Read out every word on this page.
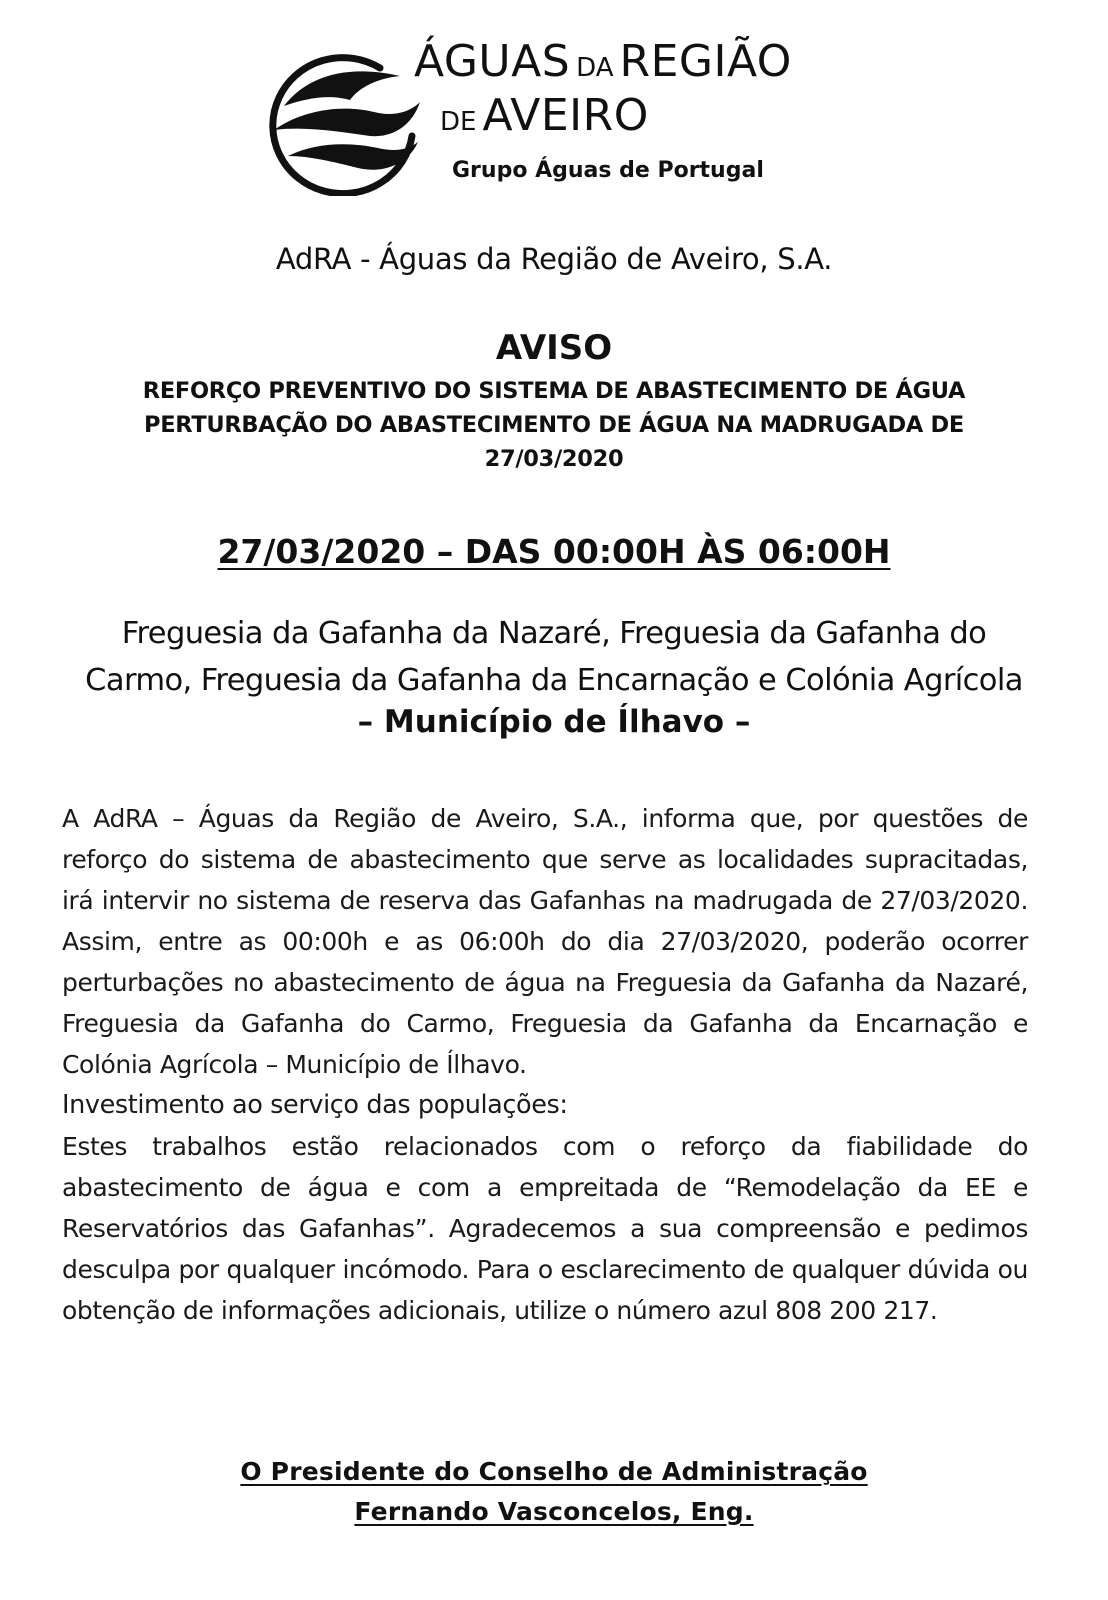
ÁGUAS DA REGIÃO
DE AVEIRO
Grupo Águas de Portugal
AdRA - Águas da Região de Aveiro, S.A.
AVISO
REFORÇO PREVENTIVO DO SISTEMA DE ABASTECIMENTO DE ÁGUA
PERTURBAÇÃO DO ABASTECIMENTO DE ÁGUA NA MADRUGADA DE
27/03/2020
27/03/2020 – DAS 00:00H ÀS 06:00H
Freguesia da Gafanha da Nazaré, Freguesia da Gafanha do
Carmo, Freguesia da Gafanha da Encarnação e Colónia Agrícola
– Município de Ílhavo –

A AdRA – Águas da Região de Aveiro, S.A., informa que, por questões de reforço do sistema de abastecimento que serve as localidades supracitadas, irá intervir no sistema de reserva das Gafanhas na madrugada de 27/03/2020. Assim, entre as 00:00h e as 06:00h do dia 27/03/2020, poderão ocorrer perturbações no abastecimento de água na Freguesia da Gafanha da Nazaré, Freguesia da Gafanha do Carmo, Freguesia da Gafanha da Encarnação e Colónia Agrícola – Município de Ílhavo.

Investimento ao serviço das populações:

Estes trabalhos estão relacionados com o reforço da fiabilidade do abastecimento de água e com a empreitada de “Remodelação da EE e Reservatórios das Gafanhas”. Agradecemos a sua compreensão e pedimos desculpa por qualquer incómodo. Para o esclarecimento de qualquer dúvida ou obtenção de informações adicionais, utilize o número azul 808 200 217.

O Presidente do Conselho de Administração
Fernando Vasconcelos, Eng.
